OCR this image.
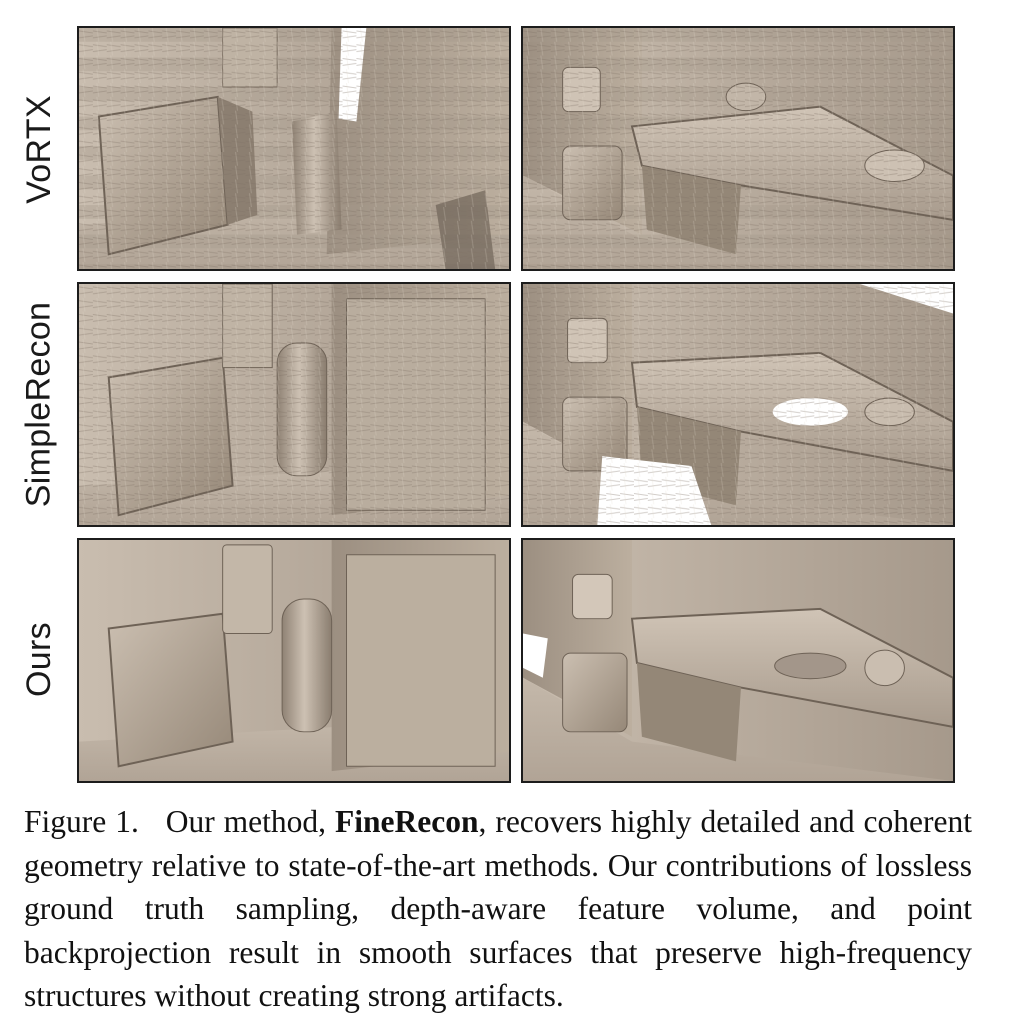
VoRTX
SimpleRecon
Ours
Figure 1. Our method, FineRecon, recovers highly detailed and coherent geometry relative to state-of-the-art methods. Our contributions of lossless ground truth sampling, depth-aware feature volume, and point backprojection result in smooth surfaces that preserve high-frequency structures without creating strong artifacts.
